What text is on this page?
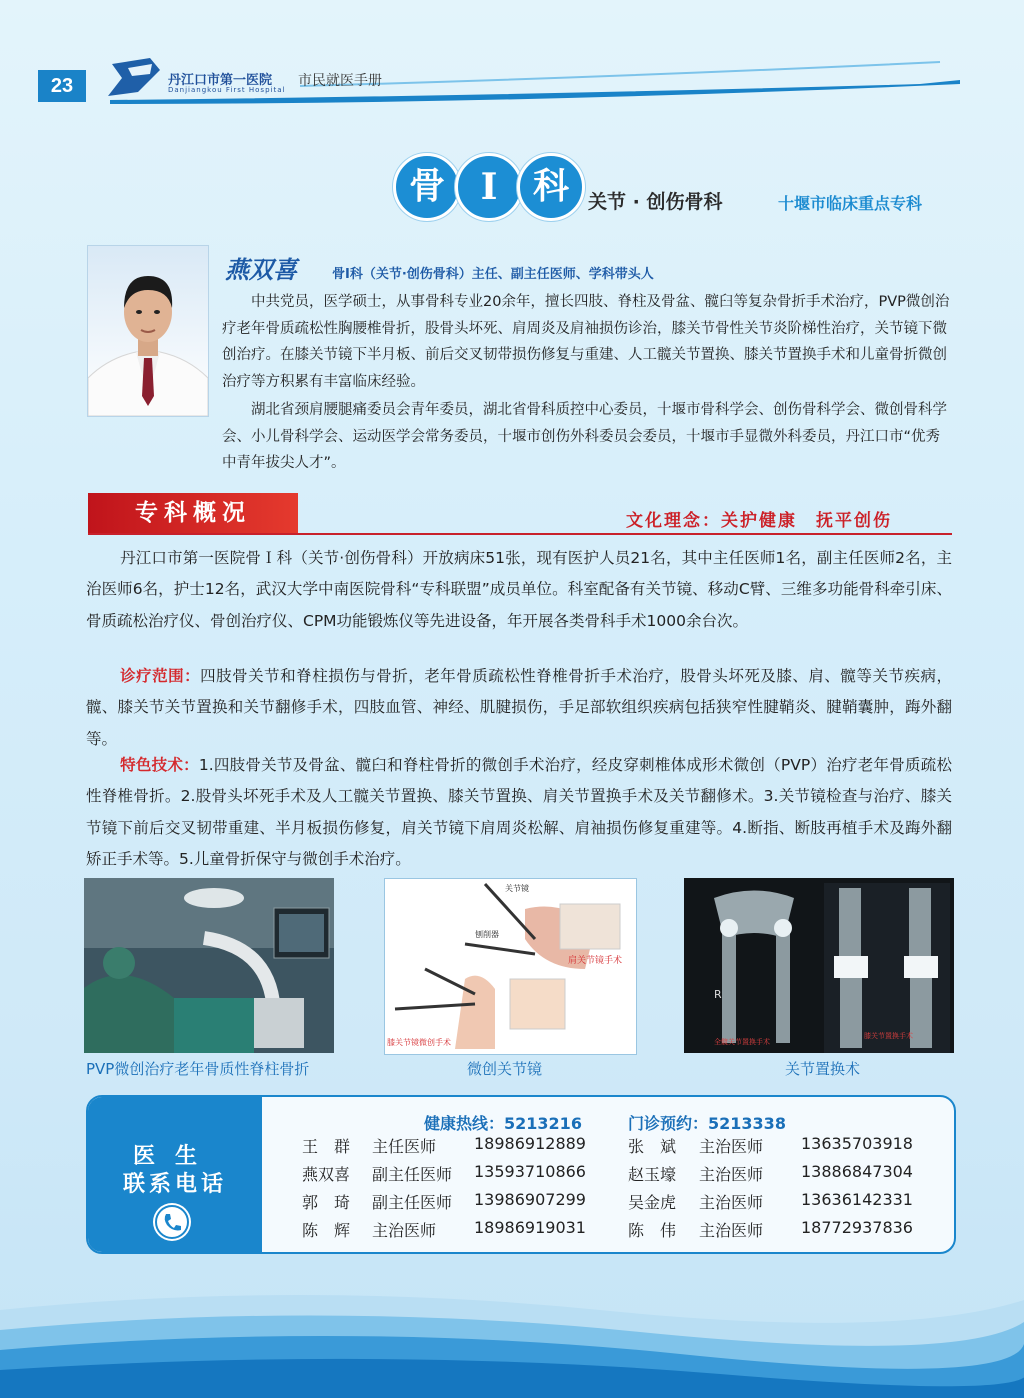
23	丹江口市第一医院
Danjiangkou First Hospital
市民就医手册
骨 I 科	关节 · 创伤骨科	十堰市临床重点专科
燕双喜	骨I科（关节·创伤骨科）主任、副主任医师、学科带头人

中共党员，医学硕士，从事骨科专业20余年，擅长四肢、脊柱及骨盆、髋臼等复杂骨折手术治疗，PVP微创治疗老年骨质疏松性胸腰椎骨折，股骨头坏死、肩周炎及肩袖损伤诊治，膝关节骨性关节炎阶梯性治疗，关节镜下微创治疗。在膝关节镜下半月板、前后交叉韧带损伤修复与重建、人工髋关节置换、膝关节置换手术和儿童骨折微创治疗等方积累有丰富临床经验。

湖北省颈肩腰腿痛委员会青年委员，湖北省骨科质控中心委员，十堰市骨科学会、创伤骨科学会、微创骨科学会、小儿骨科学会、运动医学会常务委员，十堰市创伤外科委员会委员，十堰市手显微外科委员，丹江口市“优秀中青年拔尖人才”。

专科概况	文化理念：关护健康　抚平创伤

丹江口市第一医院骨Ｉ科（关节·创伤骨科）开放病床51张，现有医护人员21名，其中主任医师1名，副主任医师2名，主治医师6名，护士12名，武汉大学中南医院骨科“专科联盟”成员单位。科室配备有关节镜、移动C臂、三维多功能骨科牵引床、骨质疏松治疗仪、骨创治疗仪、CPM功能锻炼仪等先进设备，年开展各类骨科手术1000余台次。

诊疗范围：四肢骨关节和脊柱损伤与骨折，老年骨质疏松性脊椎骨折手术治疗，股骨头坏死及膝、肩、髋等关节疾病，髋、膝关节关节置换和关节翻修手术，四肢血管、神经、肌腱损伤，手足部软组织疾病包括狭窄性腱鞘炎、腱鞘囊肿，踇外翻等。

特色技术：1.四肢骨关节及骨盆、髋臼和脊柱骨折的微创手术治疗，经皮穿刺椎体成形术微创（PVP）治疗老年骨质疏松性脊椎骨折。2.股骨头坏死手术及人工髋关节置换、膝关节置换、肩关节置换手术及关节翻修术。3.关节镜检查与治疗、膝关节镜下前后交叉韧带重建、半月板损伤修复，肩关节镜下肩周炎松解、肩袖损伤修复重建等。4.断指、断肢再植手术及踇外翻矫正手术等。5.儿童骨折保守与微创手术治疗。

关节镜
刨削器
肩关节镜手术
膝关节镜微创手术
R
全髋关节置换手术
膝关节置换手术
PVP微创治疗老年骨质性脊柱骨折	微创关节镜	关节置换术
医生
联系电话
健康热线：5213216	门诊预约：5213338
王　群 主任医师 18986912889
燕双喜 副主任医师 13593710866
郭　琦 副主任医师 13986907299
陈　辉 主治医师 18986919031
张　斌 主治医师 13635703918
赵玉壕 主治医师 13886847304
吴金虎 主治医师 13636142331
陈　伟 主治医师 18772937836
